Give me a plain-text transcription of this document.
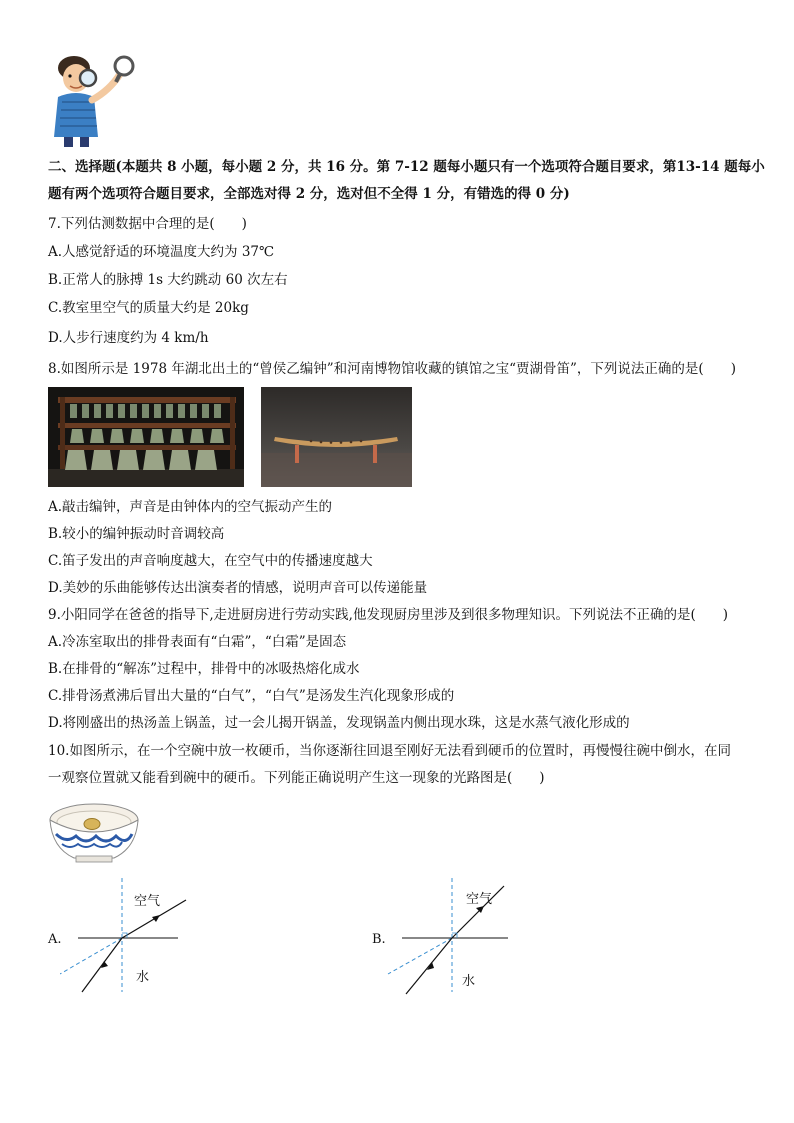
二、选择题(本题共 8 小题，每小题 2 分，共 16 分。第 7-12 题每小题只有一个选项符合题目要求，第13-14 题每小
题有两个选项符合题目要求，全部选对得 2 分，选对但不全得 1 分，有错选的得 0 分)
7.下列估测数据中合理的是(　　)
A.人感觉舒适的环境温度大约为 37℃
B.正常人的脉搏 1s 大约跳动 60 次左右
C.教室里空气的质量大约是 20kg
D.人步行速度约为 4 km/h
8.如图所示是 1978 年湖北出土的“曾侯乙编钟”和河南博物馆收藏的镇馆之宝“贾湖骨笛”，下列说法正确的是(　　)
A.敲击编钟，声音是由钟体内的空气振动产生的
B.较小的编钟振动时音调较高
C.笛子发出的声音响度越大，在空气中的传播速度越大
D.美妙的乐曲能够传达出演奏者的情感，说明声音可以传递能量
9.小阳同学在爸爸的指导下,走进厨房进行劳动实践,他发现厨房里涉及到很多物理知识。下列说法不正确的是(　　)
A.冷冻室取出的排骨表面有“白霜”，“白霜”是固态
B.在排骨的“解冻”过程中，排骨中的冰吸热熔化成水
C.排骨汤煮沸后冒出大量的“白气”，“白气”是汤发生汽化现象形成的
D.将刚盛出的热汤盖上锅盖，过一会儿揭开锅盖，发现锅盖内侧出现水珠，这是水蒸气液化形成的
10.如图所示，在一个空碗中放一枚硬币，当你逐渐往回退至刚好无法看到硬币的位置时，再慢慢往碗中倒水，在同
一观察位置就又能看到碗中的硬币。下列能正确说明产生这一现象的光路图是(　　)
A.
空气
水
B.
空气
水
